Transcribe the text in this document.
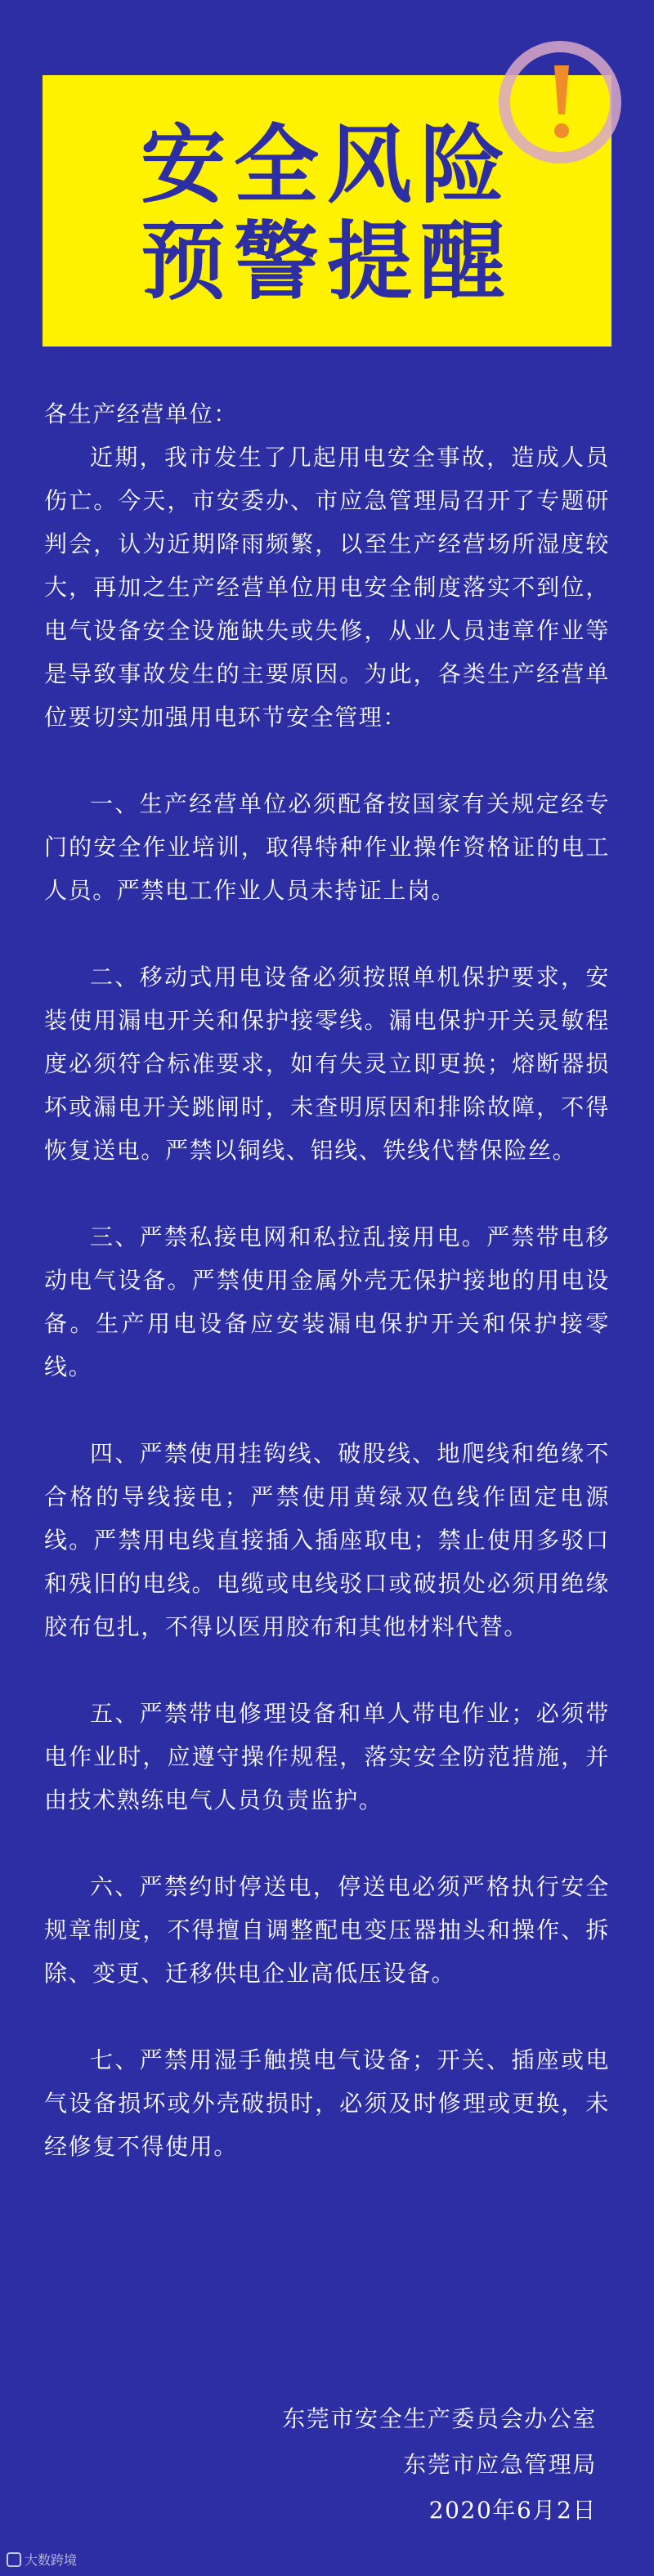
安全风险
预警提醒

各生产经营单位：

近期，我市发生了几起用电安全事故，造成人员伤亡。今天，市安委办、市应急管理局召开了专题研判会，认为近期降雨频繁，以至生产经营场所湿度较大，再加之生产经营单位用电安全制度落实不到位，电气设备安全设施缺失或失修，从业人员违章作业等是导致事故发生的主要原因。为此，各类生产经营单位要切实加强用电环节安全管理：

一、生产经营单位必须配备按国家有关规定经专门的安全作业培训，取得特种作业操作资格证的电工人员。严禁电工作业人员未持证上岗。

二、移动式用电设备必须按照单机保护要求，安装使用漏电开关和保护接零线。漏电保护开关灵敏程度必须符合标准要求，如有失灵立即更换；熔断器损坏或漏电开关跳闸时，未查明原因和排除故障，不得恢复送电。严禁以铜线、铝线、铁线代替保险丝。

三、严禁私接电网和私拉乱接用电。严禁带电移动电气设备。严禁使用金属外壳无保护接地的用电设备。生产用电设备应安装漏电保护开关和保护接零线。

四、严禁使用挂钩线、破股线、地爬线和绝缘不合格的导线接电；严禁使用黄绿双色线作固定电源线。严禁用电线直接插入插座取电；禁止使用多驳口和残旧的电线。电缆或电线驳口或破损处必须用绝缘胶布包扎，不得以医用胶布和其他材料代替。

五、严禁带电修理设备和单人带电作业；必须带电作业时，应遵守操作规程，落实安全防范措施，并由技术熟练电气人员负责监护。

六、严禁约时停送电，停送电必须严格执行安全规章制度，不得擅自调整配电变压器抽头和操作、拆除、变更、迁移供电企业高低压设备。

七、严禁用湿手触摸电气设备；开关、插座或电气设备损坏或外壳破损时，必须及时修理或更换，未经修复不得使用。

东莞市安全生产委员会办公室
东莞市应急管理局
2020年6月2日
大数跨境
